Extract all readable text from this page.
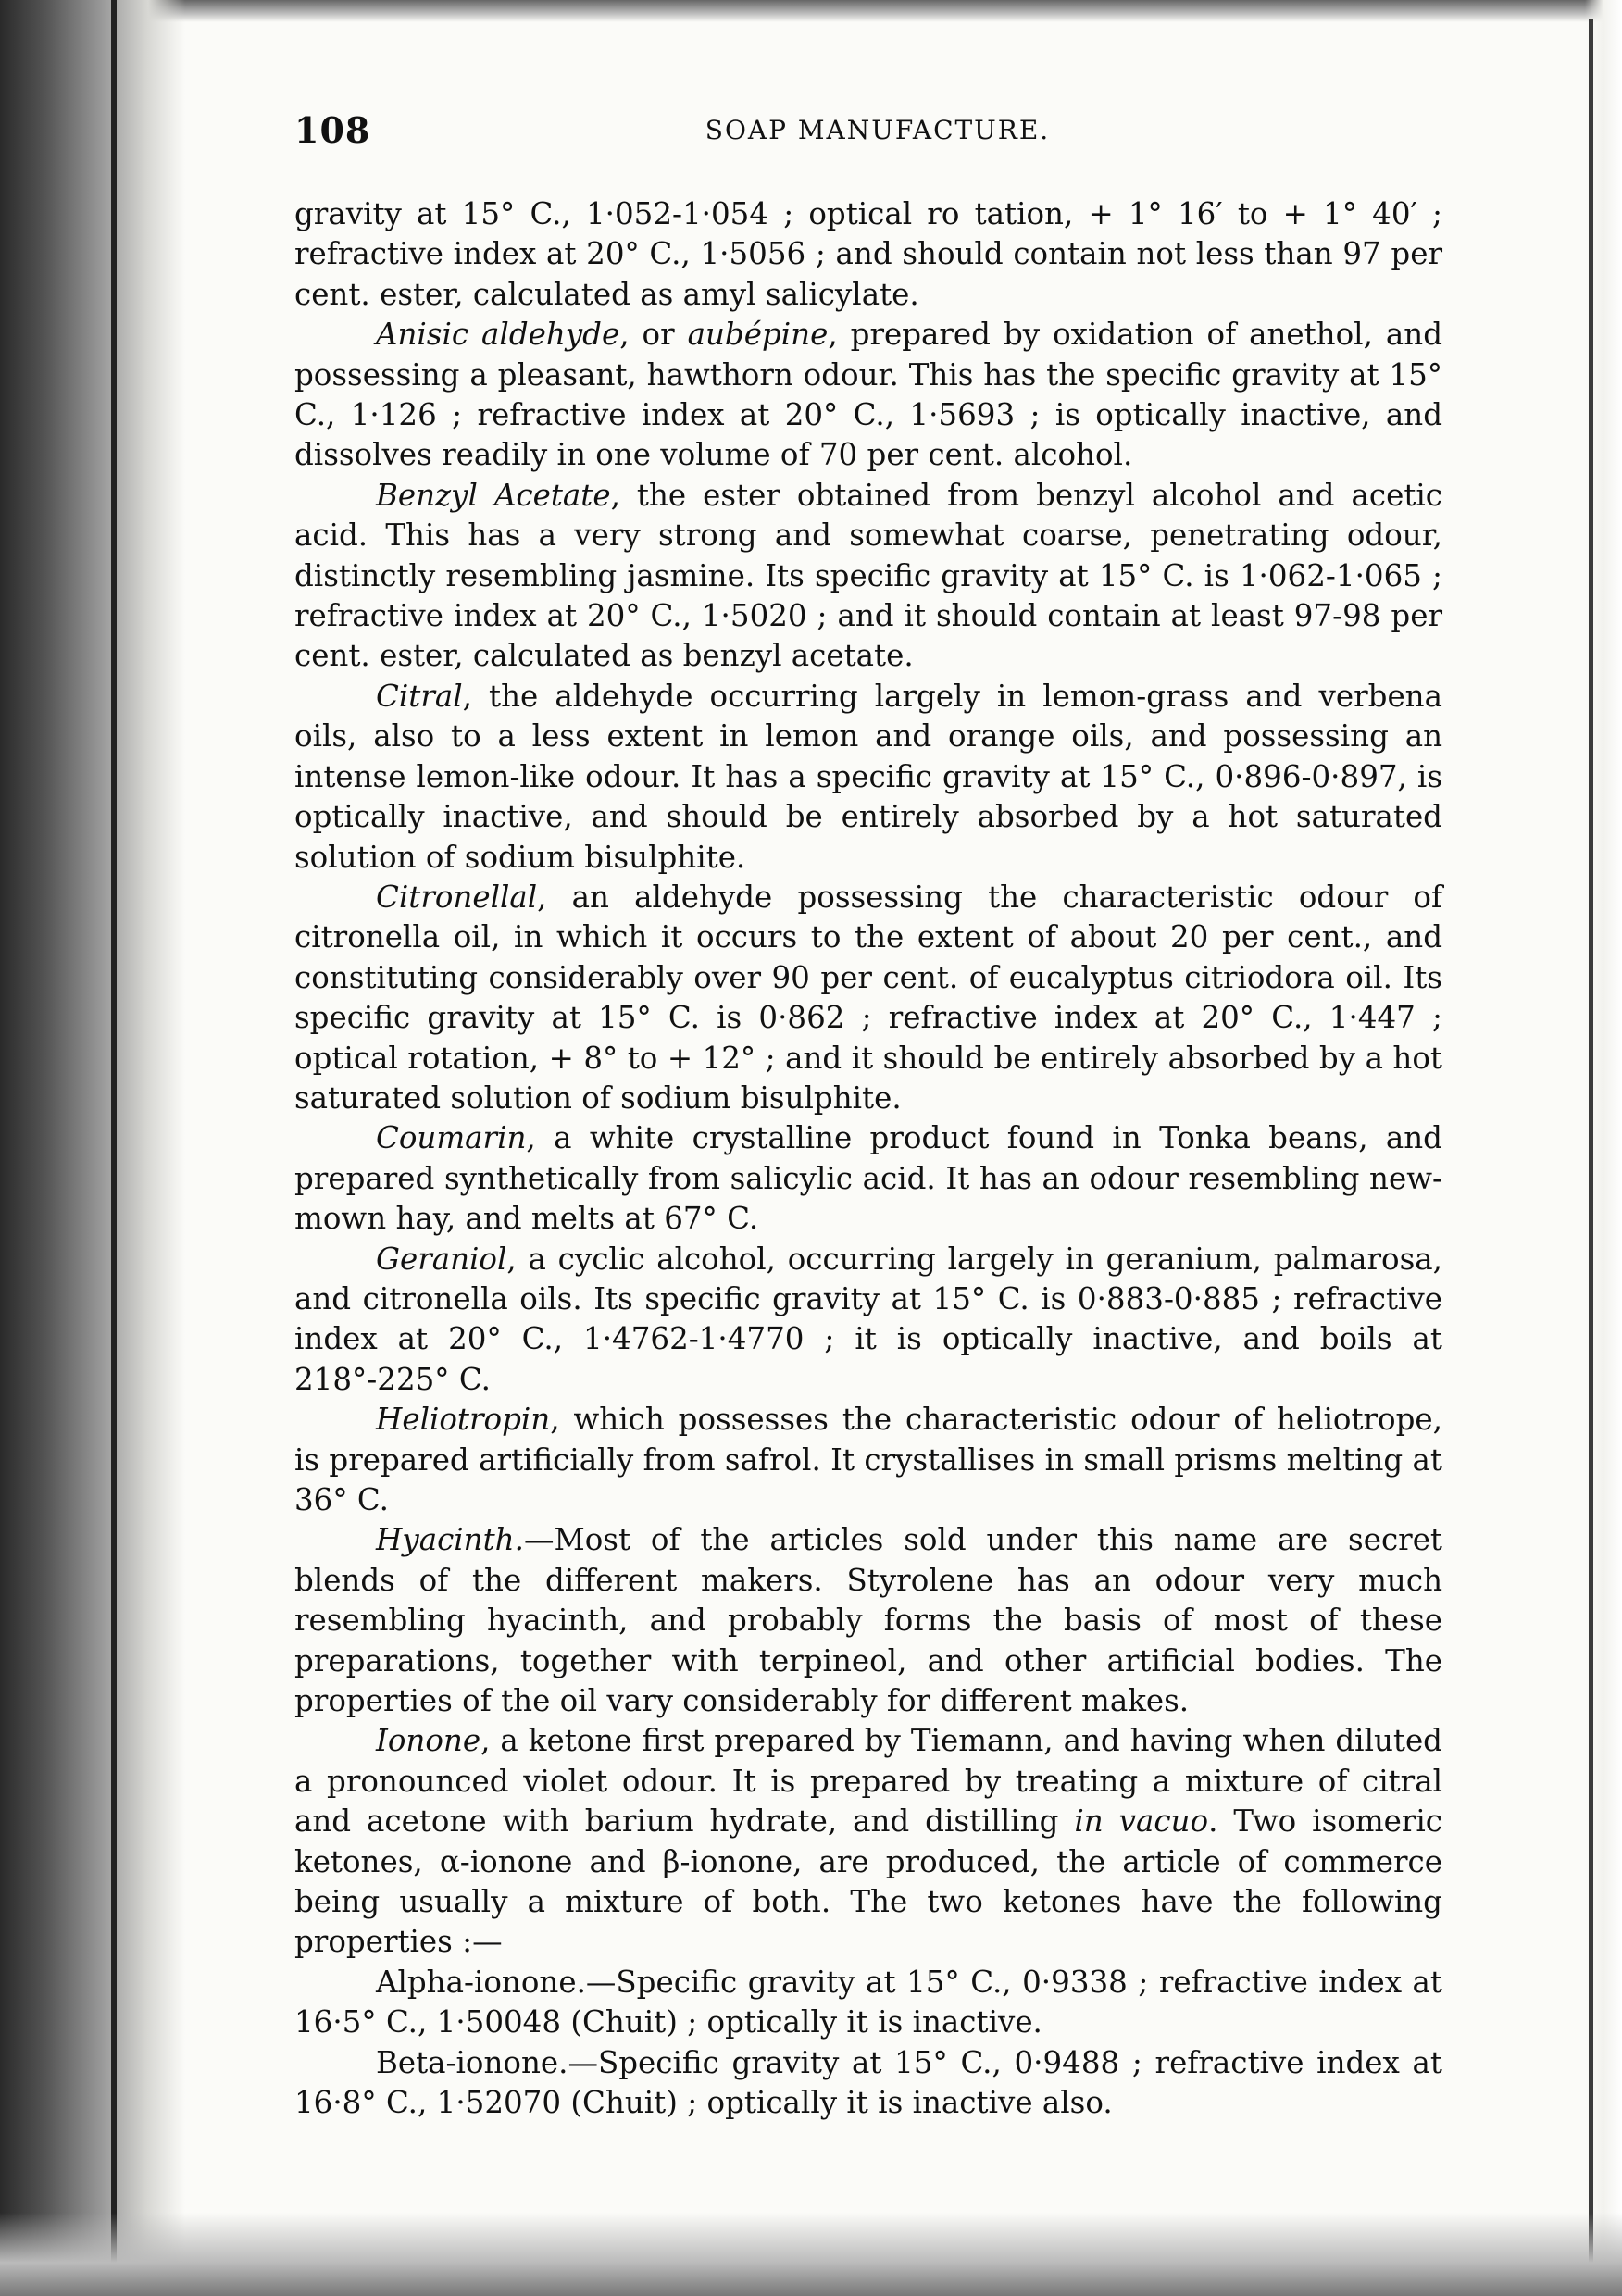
108	SOAP MANUFACTURE.

gravity at 15° C., 1·052-1·054 ; optical ro tation, + 1° 16′ to + 1° 40′ ; refractive index at 20° C., 1·5056 ; and should contain not less than 97 per cent. ester, calculated as amyl salicylate.

Anisic aldehyde, or aubépine, prepared by oxidation of anethol, and possessing a pleasant, hawthorn odour. This has the specific gravity at 15° C., 1·126 ; refractive index at 20° C., 1·5693 ; is optically inactive, and dissolves readily in one volume of 70 per cent. alcohol.

Benzyl Acetate, the ester obtained from benzyl alcohol and acetic acid. This has a very strong and somewhat coarse, penetrating odour, distinctly resembling jasmine. Its specific gravity at 15° C. is 1·062-1·065 ; refractive index at 20° C., 1·5020 ; and it should contain at least 97-98 per cent. ester, calculated as benzyl acetate.

Citral, the aldehyde occurring largely in lemon-grass and verbena oils, also to a less extent in lemon and orange oils, and possessing an intense lemon-like odour. It has a specific gravity at 15° C., 0·896-0·897, is optically inactive, and should be entirely absorbed by a hot saturated solution of sodium bisulphite.

Citronellal, an aldehyde possessing the characteristic odour of citronella oil, in which it occurs to the extent of about 20 per cent., and constituting considerably over 90 per cent. of eucalyptus citriodora oil. Its specific gravity at 15° C. is 0·862 ; refractive index at 20° C., 1·447 ; optical rotation, + 8° to + 12° ; and it should be entirely absorbed by a hot saturated solution of sodium bisulphite.

Coumarin, a white crystalline product found in Tonka beans, and prepared synthetically from salicylic acid. It has an odour resembling new-mown hay, and melts at 67° C.

Geraniol, a cyclic alcohol, occurring largely in geranium, palmarosa, and citronella oils. Its specific gravity at 15° C. is 0·883-0·885 ; refractive index at 20° C., 1·4762-1·4770 ; it is optically inactive, and boils at 218°-225° C.

Heliotropin, which possesses the characteristic odour of heliotrope, is prepared artificially from safrol. It crystallises in small prisms melting at 36° C.

Hyacinth.—Most of the articles sold under this name are secret blends of the different makers. Styrolene has an odour very much resembling hyacinth, and probably forms the basis of most of these preparations, together with terpineol, and other artificial bodies. The properties of the oil vary considerably for different makes.

Ionone, a ketone first prepared by Tiemann, and having when diluted a pronounced violet odour. It is prepared by treating a mixture of citral and acetone with barium hydrate, and distilling in vacuo. Two isomeric ketones, α-ionone and β-ionone, are produced, the article of commerce being usually a mixture of both. The two ketones have the following properties :—

Alpha-ionone.—Specific gravity at 15° C., 0·9338 ; refractive index at 16·5° C., 1·50048 (Chuit) ; optically it is inactive.

Beta-ionone.—Specific gravity at 15° C., 0·9488 ; refractive index at 16·8° C., 1·52070 (Chuit) ; optically it is inactive also.
